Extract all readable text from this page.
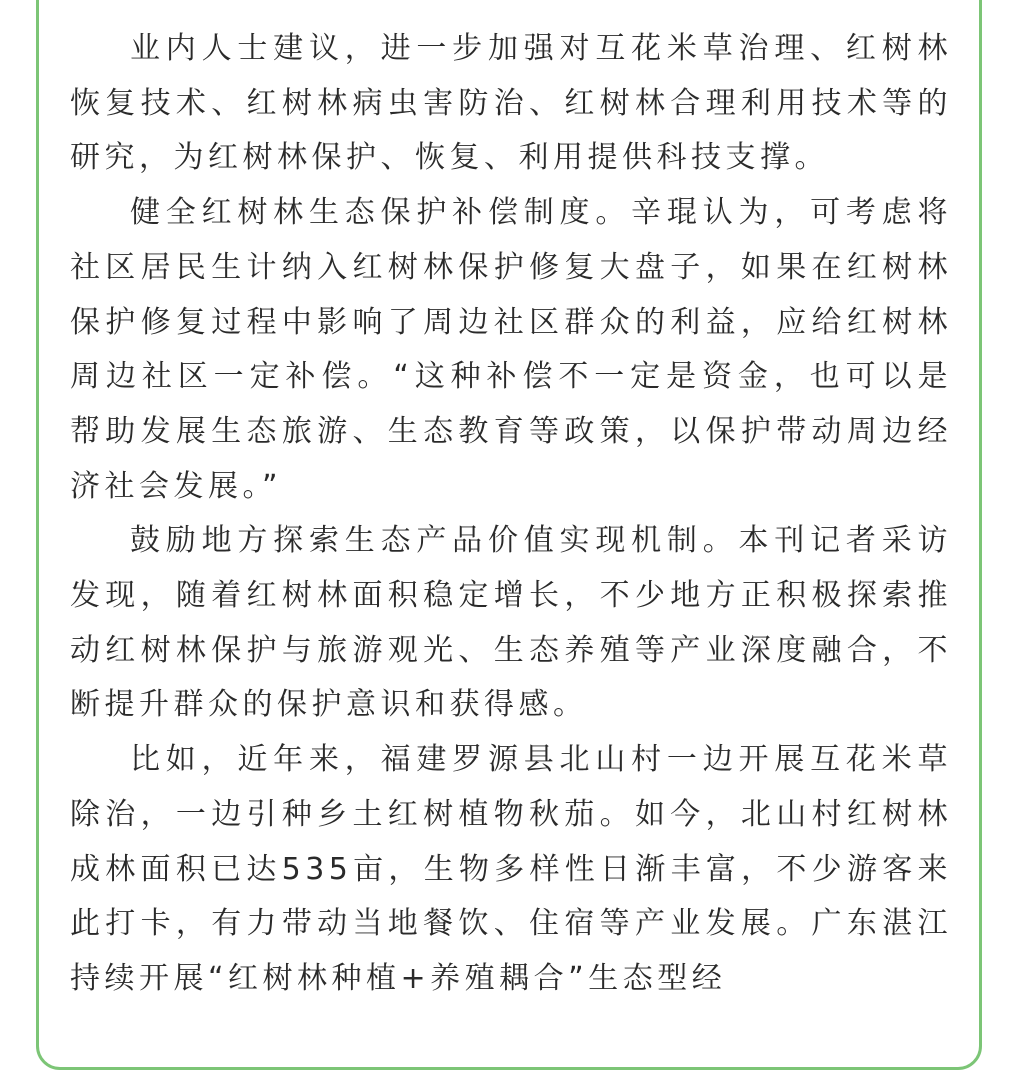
业内人士建议，进一步加强对互花米草治理、红树林恢复技术、红树林病虫害防治、红树林合理利用技术等的研究，为红树林保护、恢复、利用提供科技支撑。

健全红树林生态保护补偿制度。辛琨认为，可考虑将社区居民生计纳入红树林保护修复大盘子，如果在红树林保护修复过程中影响了周边社区群众的利益，应给红树林周边社区一定补偿。“这种补偿不一定是资金，也可以是帮助发展生态旅游、生态教育等政策，以保护带动周边经济社会发展。”

鼓励地方探索生态产品价值实现机制。本刊记者采访发现，随着红树林面积稳定增长，不少地方正积极探索推动红树林保护与旅游观光、生态养殖等产业深度融合，不断提升群众的保护意识和获得感。

比如，近年来，福建罗源县北山村一边开展互花米草除治，一边引种乡土红树植物秋茄。如今，北山村红树林成林面积已达535亩，生物多样性日渐丰富，不少游客来此打卡，有力带动当地餐饮、住宿等产业发展。广东湛江持续开展“红树林种植+养殖耦合”生态型经
